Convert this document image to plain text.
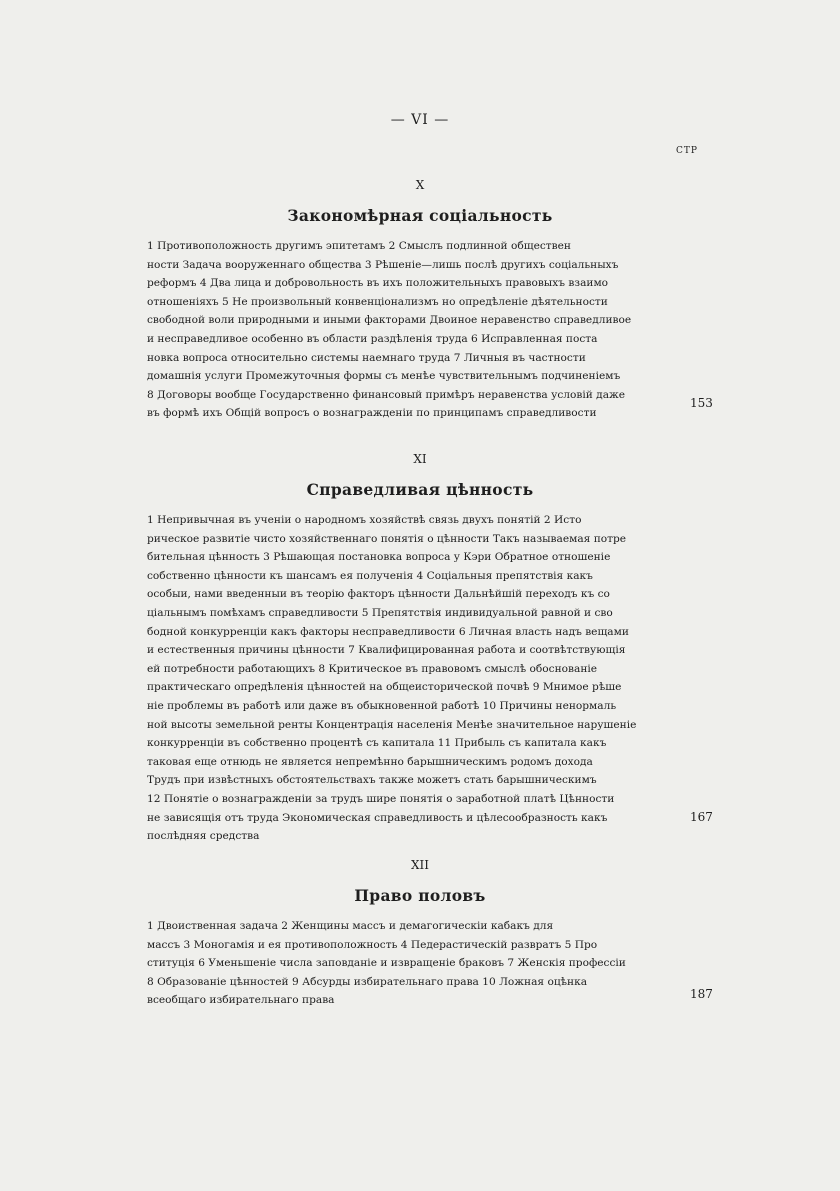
— VI —
СТР
X
Закономѣрная соціальность
1 Противоположность другимъ эпитетамъ 2 Смыслъ подлинной обществен
ности Задача вооруженнаго общества 3 Рѣшеніе—лишь послѣ другихъ соціальныхъ
реформъ 4 Два лица и добровольность въ ихъ положительныхъ правовыхъ взаимо
отношеніяхъ 5 Не произвольный конвенціонализмъ но опредѣленіе дѣятельности
свободной воли природными и иными факторами Двоиное неравенство справедливое
и несправедливое особенно въ области раздѣленія труда 6 Исправленная поста
новка вопроса относительно системы наемнаго труда 7 Личныя въ частности
домашнія услуги Промежуточныя формы съ менѣе чувствительнымъ подчиненіемъ
8 Договоры вообще Государственно финансовый примѣръ неравенства условій даже
въ формѣ ихъ Общій вопросъ о вознагражденіи по принципамъ справедливости
153
XI
Справедливая цѣнность
1 Непривычная въ ученіи о народномъ хозяйствѣ связь двухъ понятій 2 Исто
рическое развитіе чисто хозяйственнаго понятія о цѣнности Такъ называемая потре
бительная цѣнность 3 Рѣшающая постановка вопроса у Кэри Обратное отношеніе
собственно цѣнности къ шансамъ ея полученія 4 Соціальныя препятствія какъ
особыи, нами введенныи въ теорію факторъ цѣнности Дальнѣйшій переходъ къ со
ціальнымъ помѣхамъ справедливости 5 Препятствія индивидуальной равной и сво
бодной конкурренціи какъ факторы несправедливости 6 Личная власть надъ вещами
и естественныя причины цѣнности 7 Квалифицированная работа и соотвѣтствующія
ей потребности работающихъ 8 Критическое въ правовомъ смыслѣ обоснованіе
практическаго опредѣленія цѣнностей на общеисторической почвѣ 9 Мнимое рѣше
ніе проблемы въ работѣ или даже въ обыкновенной работѣ 10 Причины ненормаль
ной высоты земельной ренты Концентрація населенія Менѣе значительное нарушеніе
конкурренціи въ собственно процентѣ съ капитала 11 Прибыль съ капитала какъ
таковая еще отнюдь не является непремѣнно барышническимъ родомъ дохода
Трудъ при извѣстныхъ обстоятельствахъ также можетъ стать барышническимъ
12 Понятіе о вознагражденіи за трудъ шире понятія о заработной платѣ Цѣнности
не зависящія отъ труда Экономическая справедливость и цѣлесообразность какъ
послѣдняя средства
167
XII
Право половъ
1 Двоиственная задача 2 Женщины массъ и демагогическіи кабакъ для
массъ 3 Моногамія и ея противоположность 4 Педерастическій развратъ 5 Про
ституція 6 Уменьшеніе числа заповданіе и извращеніе браковъ 7 Женскія профессіи
8 Образованіе цѣнностей 9 Абсурды избирательнаго права 10 Ложная оцѣнка
всеобщаго избирательнаго права	187
